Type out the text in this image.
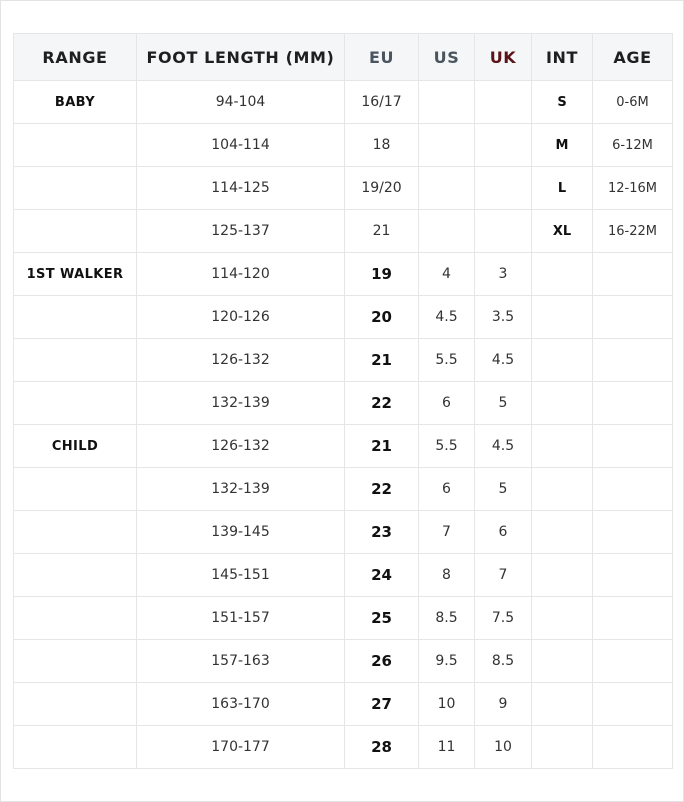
RANGE	FOOT LENGTH (MM)	EU	US	UK	INT	AGE
BABY	94-104	16/17			S	0-6M
	104-114	18			M	6-12M
	114-125	19/20			L	12-16M
	125-137	21			XL	16-22M
1ST WALKER	114-120	19	4	3		
	120-126	20	4.5	3.5		
	126-132	21	5.5	4.5		
	132-139	22	6	5		
CHILD	126-132	21	5.5	4.5		
	132-139	22	6	5		
	139-145	23	7	6		
	145-151	24	8	7		
	151-157	25	8.5	7.5		
	157-163	26	9.5	8.5		
	163-170	27	10	9		
	170-177	28	11	10		
